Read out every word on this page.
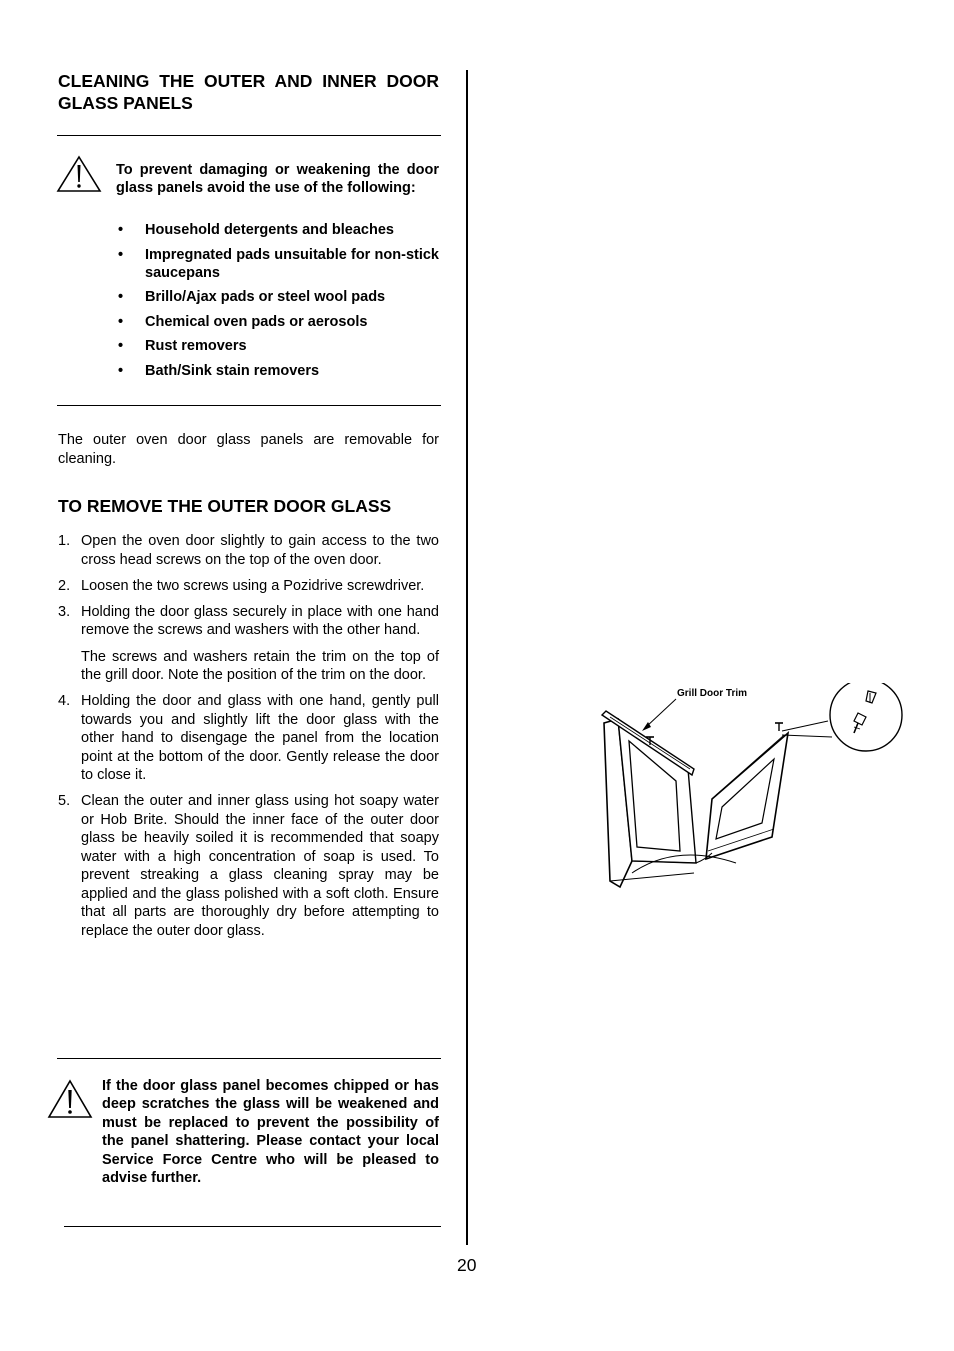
CLEANING THE OUTER AND INNER DOOR GLASS PANELS
To prevent damaging or weakening the door glass panels avoid the use of the following:
• Household detergents and bleaches
• Impregnated pads unsuitable for non-stick saucepans
• Brillo/Ajax pads or steel wool pads
• Chemical oven pads or aerosols
• Rust removers
• Bath/Sink stain removers
The outer oven door glass panels are removable for cleaning.
TO REMOVE THE OUTER DOOR GLASS
1. Open the oven door slightly to gain access to the two cross head screws on the top of the oven door.

2. Loosen the two screws using a Pozidrive screwdriver.

3. Holding the door glass securely in place with one hand remove the screws and washers with the other hand.

The screws and washers retain the trim on the top of the grill door. Note the position of the trim on the door.

4. Holding the door and glass with one hand, gently pull towards you and slightly lift the door glass with the other hand to disengage the panel from the location point at the bottom of the door. Gently release the door to close it.

5. Clean the outer and inner glass using hot soapy water or Hob Brite. Should the inner face of the outer door glass be heavily soiled it is recommended that soapy water with a high concentration of soap is used. To prevent streaking a glass cleaning spray may be applied and the glass polished with a soft cloth. Ensure that all parts are thoroughly dry before attempting to replace the outer door glass.

If the door glass panel becomes chipped or has deep scratches the glass will be weakened and must be replaced to prevent the possibility of the panel shattering. Please contact your local Service Force Centre who will be pleased to advise further.
20
Grill Door Trim
